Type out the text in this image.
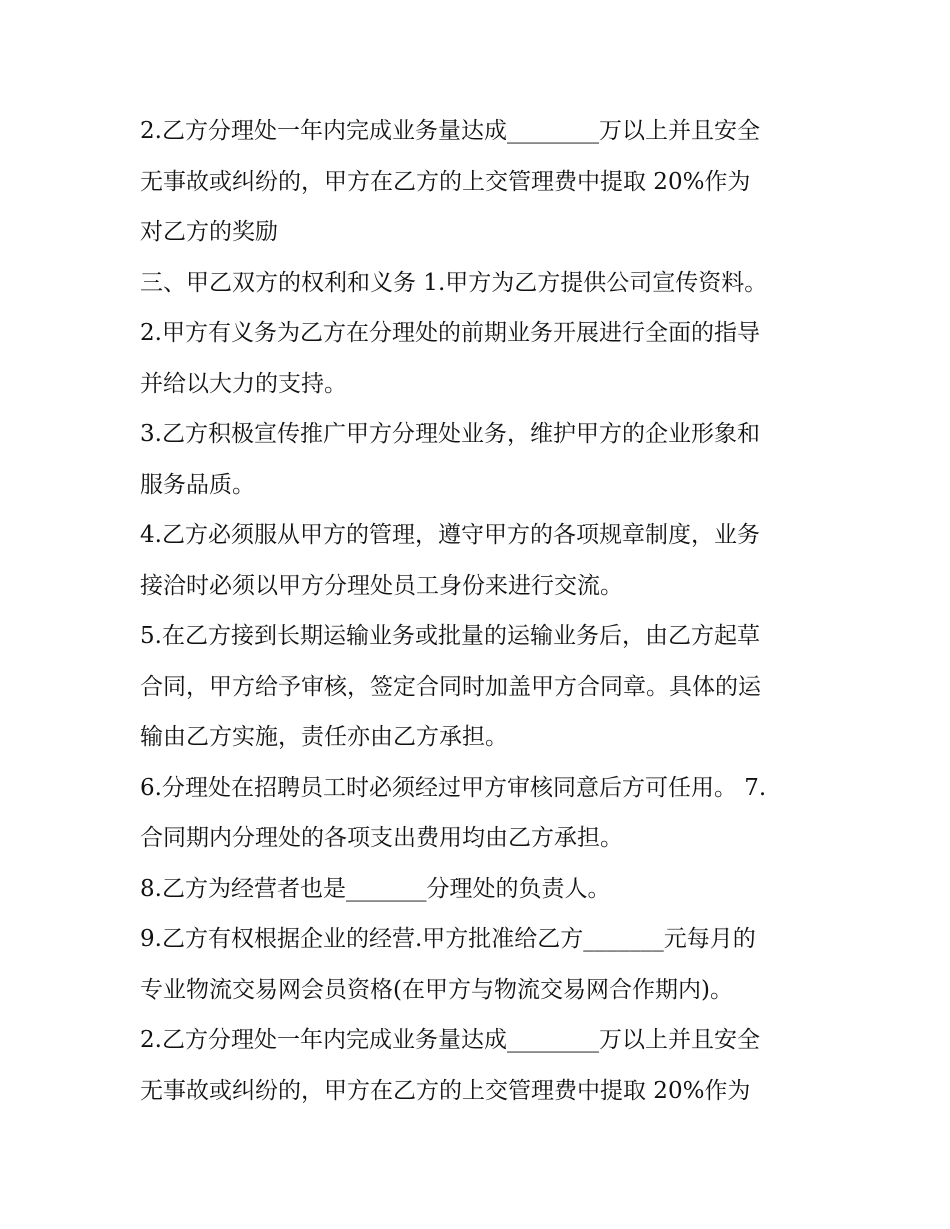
2.乙方分理处一年内完成业务量达成________万以上并且安全
无事故或纠纷的，甲方在乙方的上交管理费中提取 20%作为
对乙方的奖励
三、甲乙双方的权利和义务 1.甲方为乙方提供公司宣传资料。
2.甲方有义务为乙方在分理处的前期业务开展进行全面的指导
并给以大力的支持。
3.乙方积极宣传推广甲方分理处业务，维护甲方的企业形象和
服务品质。
4.乙方必须服从甲方的管理，遵守甲方的各项规章制度，业务
接洽时必须以甲方分理处员工身份来进行交流。
5.在乙方接到长期运输业务或批量的运输业务后，由乙方起草
合同，甲方给予审核，签定合同时加盖甲方合同章。具体的运
输由乙方实施，责任亦由乙方承担。
6.分理处在招聘员工时必须经过甲方审核同意后方可任用。 7.
合同期内分理处的各项支出费用均由乙方承担。
8.乙方为经营者也是_______分理处的负责人。
9.乙方有权根据企业的经营.甲方批准给乙方_______元每月的
专业物流交易网会员资格(在甲方与物流交易网合作期内)。
2.乙方分理处一年内完成业务量达成________万以上并且安全
无事故或纠纷的，甲方在乙方的上交管理费中提取 20%作为
